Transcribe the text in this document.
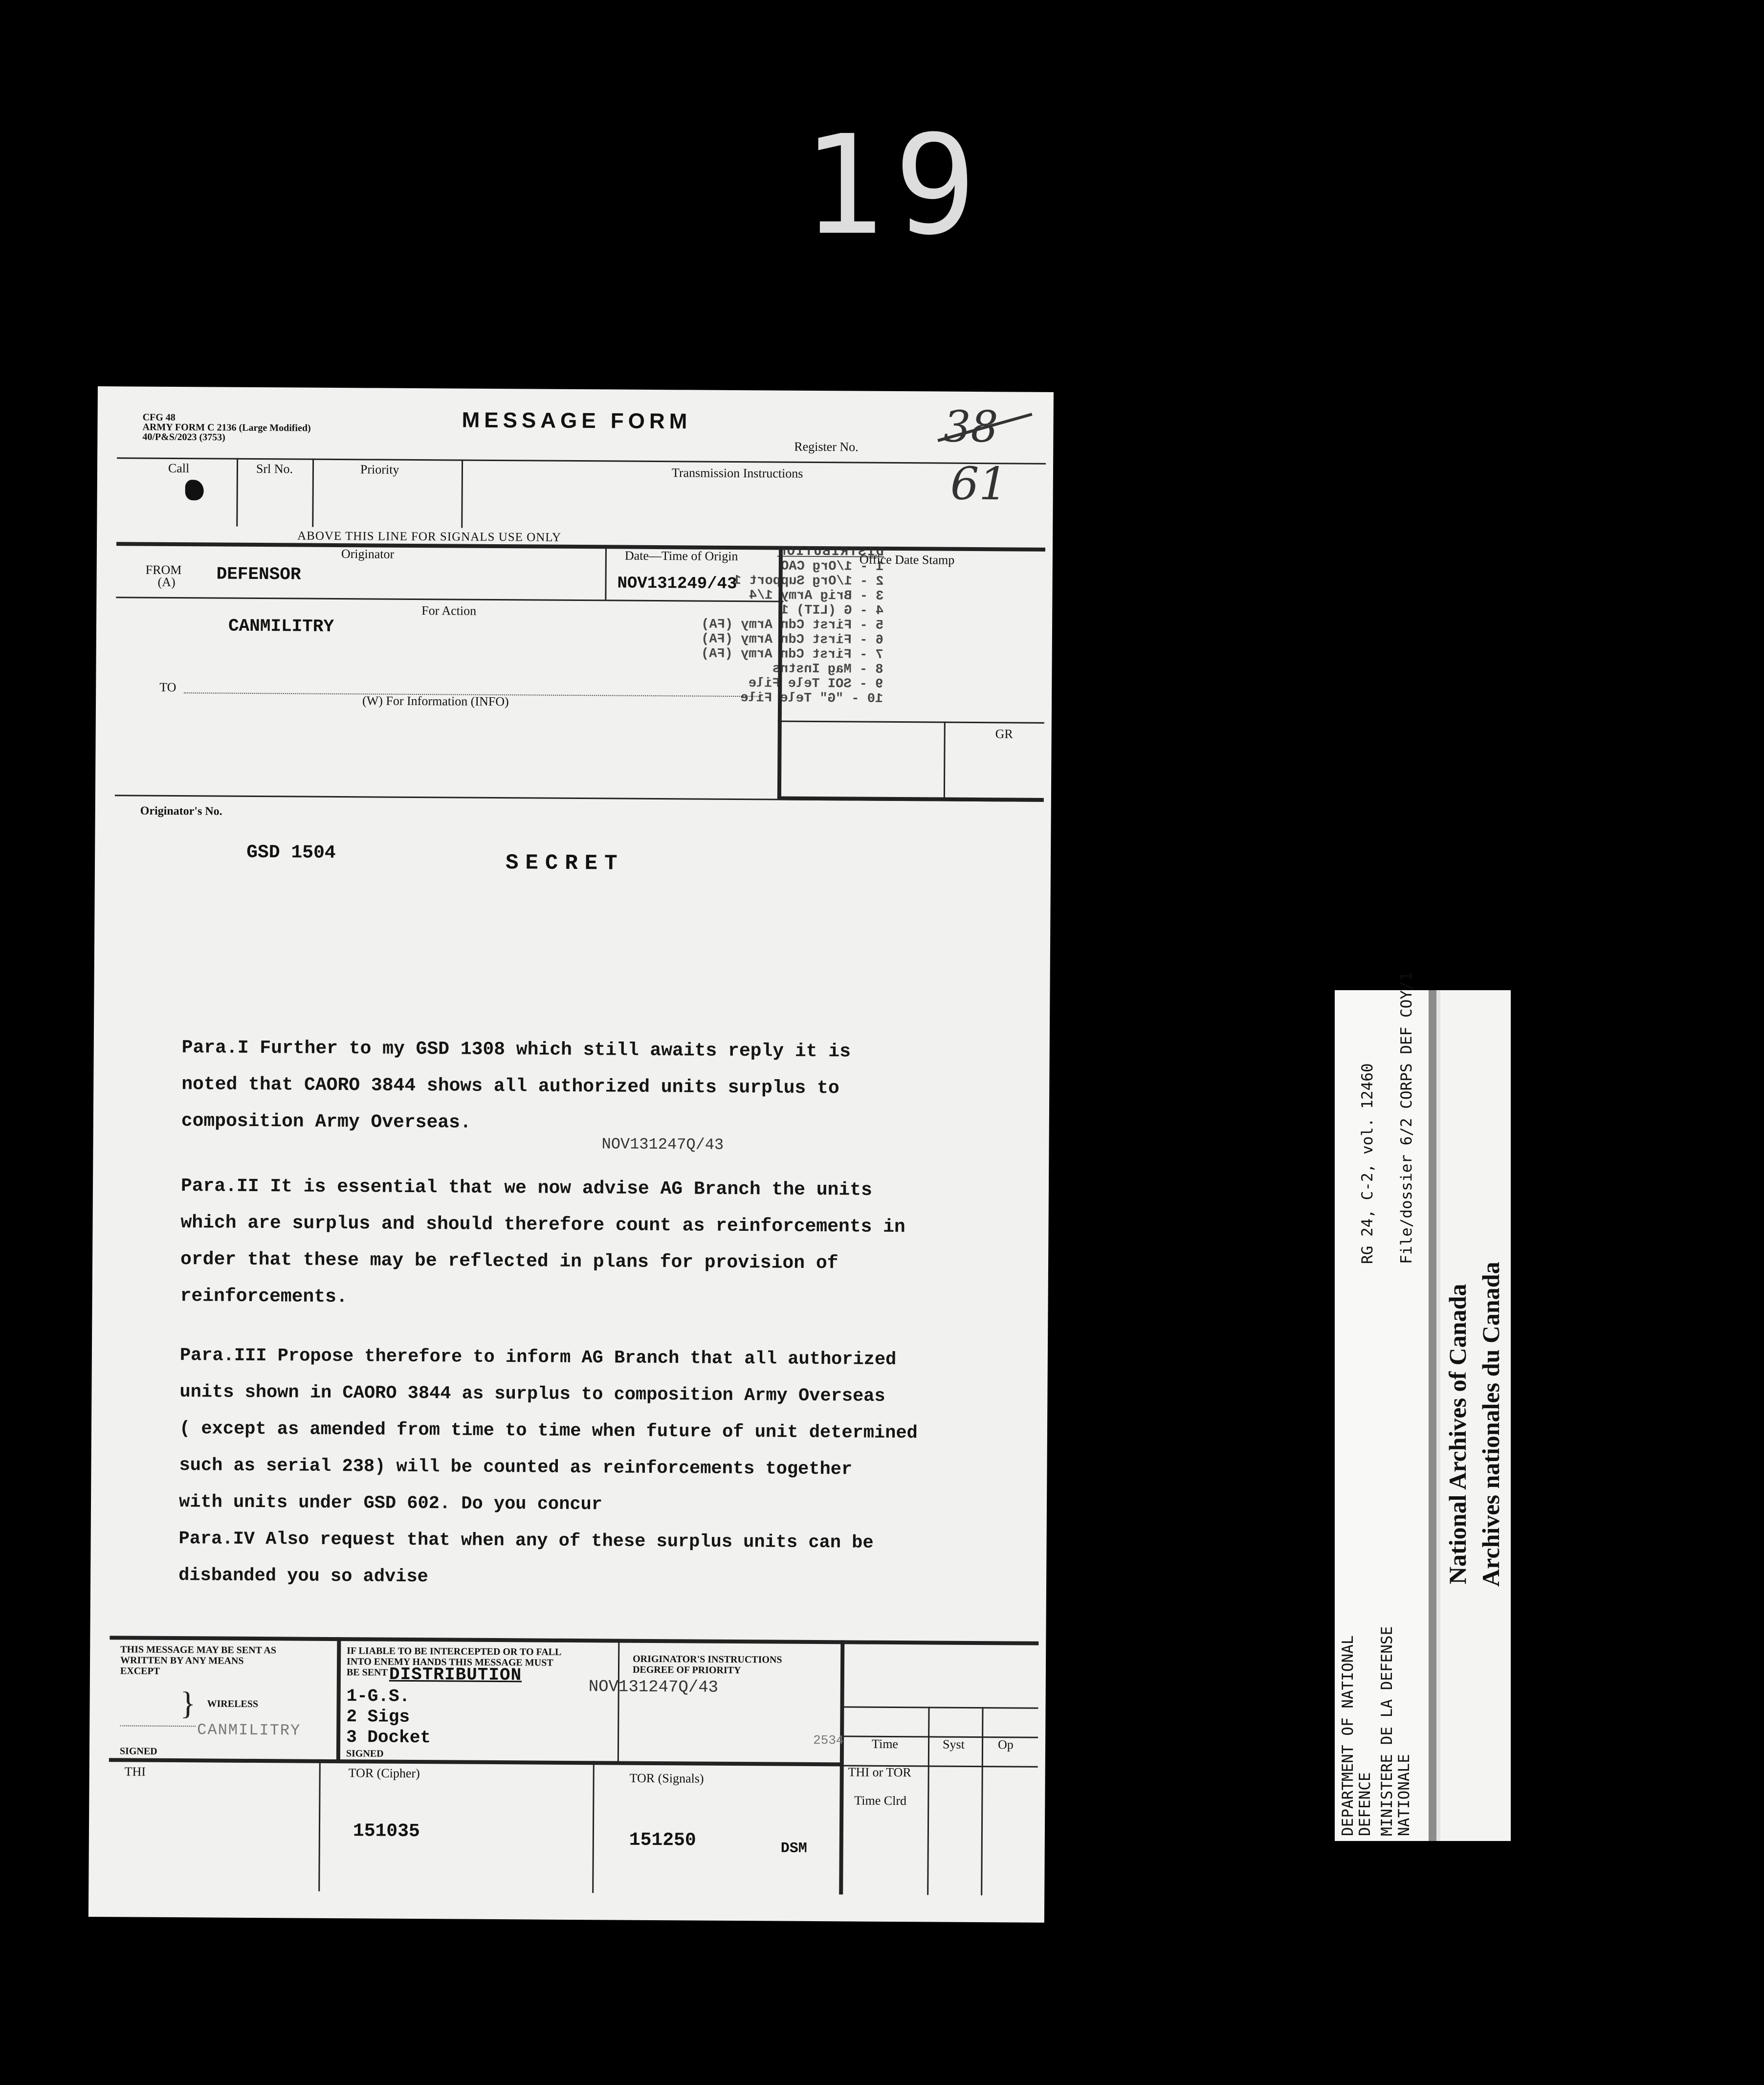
19
CFG 48
ARMY FORM C 2136 (Large Modified)
40/P&S/2023 (3753)
MESSAGE FORM
Register No. 38
61
Call	Srl No.	Priority	Transmission Instructions
ABOVE THIS LINE FOR SIGNALS USE ONLY
Originator
FROM
(A) DEFENSOR
Date—Time of Origin
NOV131249/43
Office Date Stamp
For Action
CANMILITRY
TO
(W) For Information (INFO)
GR
DISTRIBUTION
1 - 1/Org CAO
2 - 1/Org Support 1
3 - Brig Army 1/4
4 - G (LIT) 1
5 - First Cdn Army (FA)
6 - First Cdn Army (FA)
7 - First Cdn Army (FA)
8 - Mag Instns
9 - SOI Tele File
10 - "G" Tele File
Originator's No.
GSD 1504	SECRET
Para.I Further to my GSD 1308 which still awaits reply it is
noted that CAORO 3844 shows all authorized units surplus to
composition Army Overseas.
NOV131247Q/43
Para.II It is essential that we now advise AG Branch the units
which are surplus and should therefore count as reinforcements in
order that these may be reflected in plans for provision of
reinforcements.
Para.III Propose therefore to inform AG Branch that all authorized
units shown in CAORO 3844 as surplus to composition Army Overseas
( except as amended from time to time when future of unit determined
such as serial 238) will be counted as reinforcements together
with units under GSD 602. Do you concur
Para.IV Also request that when any of these surplus units can be
disbanded you so advise
THIS MESSAGE MAY BE SENT AS
WRITTEN BY ANY MEANS
EXCEPT
} WIRELESS
CANMILITRY
SIGNED
IF LIABLE TO BE INTERCEPTED OR TO FALL
INTO ENEMY HANDS THIS MESSAGE MUST
BE SENT DISTRIBUTION
1-G.S.
2 Sigs
3 Docket
SIGNED
ORIGINATOR'S INSTRUCTIONS
DEGREE OF PRIORITY
NOV131247Q/43
2534 Time	Syst	Op
THI or TOR
Time Clrd
THI	TOR (Cipher)
151035
TOR (Signals)
151250	DSM
DEPARTMENT OF NATIONAL DEFENCE MINISTERE DE LA DEFENSE NATIONALE
RG 24, C-2, vol. 12460 File/dossier 6/2 CORPS DEF COY/1
National Archives of Canada Archives nationales du Canada
